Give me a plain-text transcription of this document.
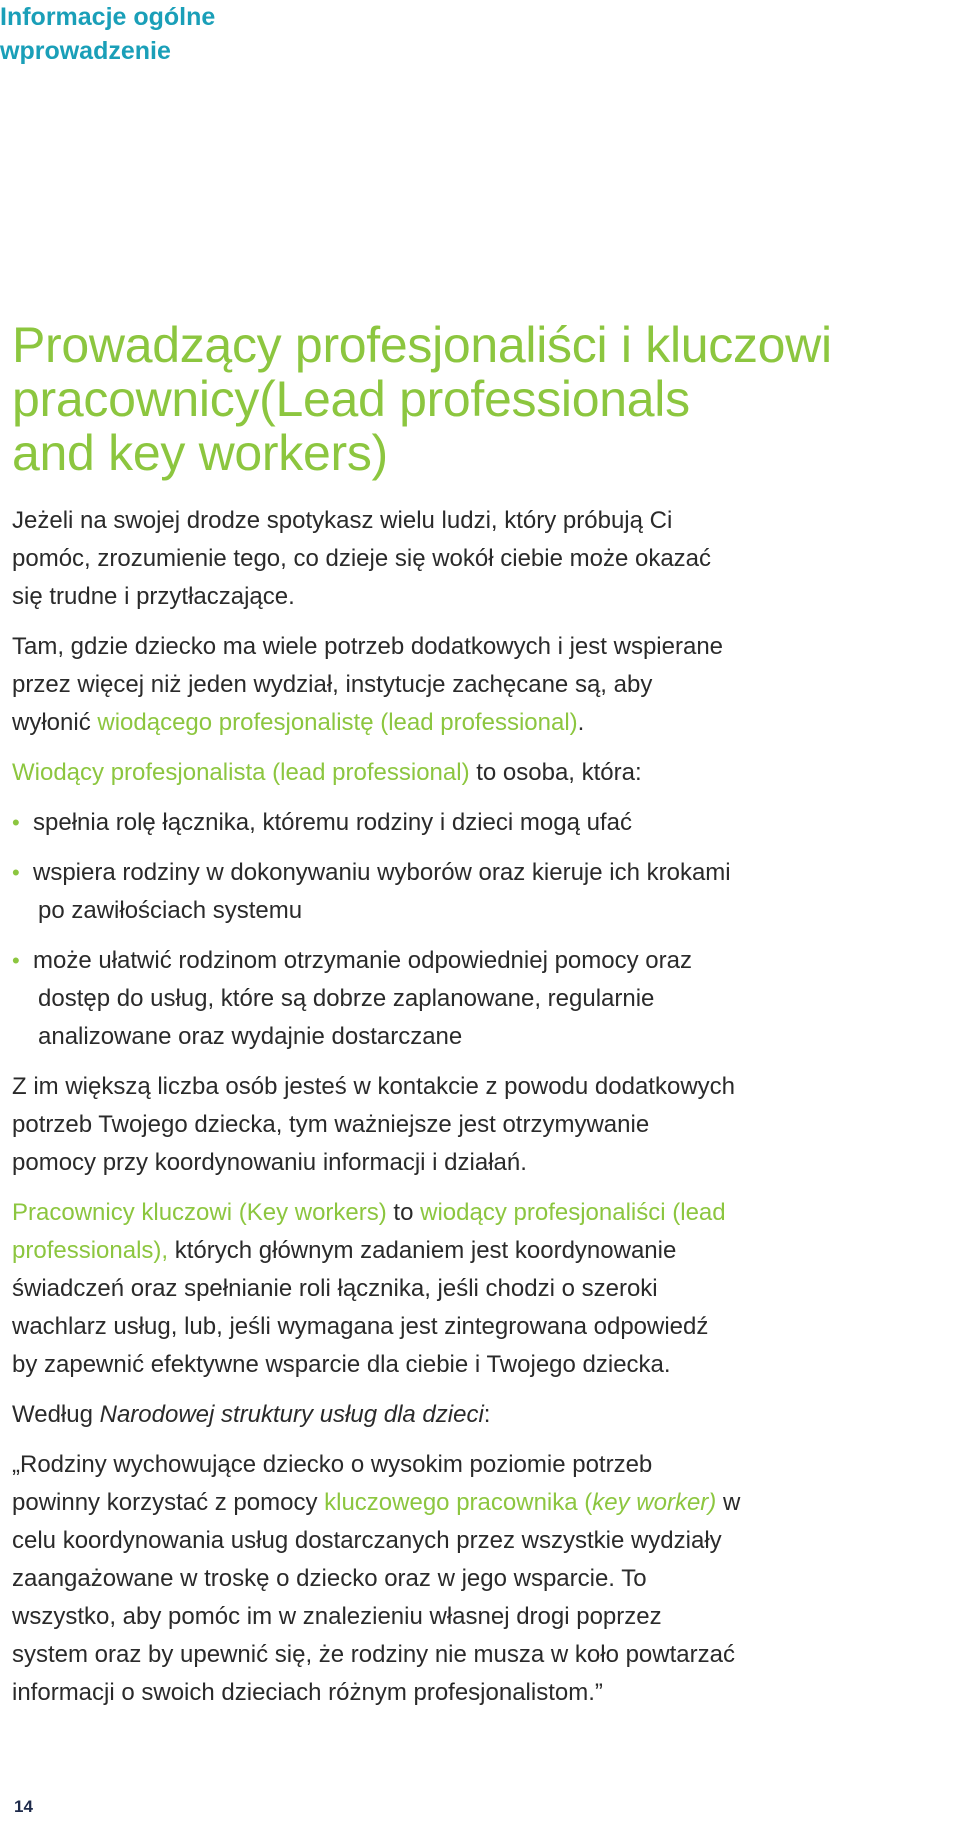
Informacje ogólne
wprowadzenie
Prowadzący profesjonaliści i kluczowi
pracownicy(Lead professionals
and key workers)

Jeżeli na swojej drodze spotykasz wielu ludzi, który próbują Ci
pomóc, zrozumienie tego, co dzieje się wokół ciebie może okazać
się trudne i przytłaczające.

Tam, gdzie dziecko ma wiele potrzeb dodatkowych i jest wspierane
przez więcej niż jeden wydział, instytucje zachęcane są, aby
wyłonić wiodącego profesjonalistę (lead professional).

Wiodący profesjonalista (lead professional) to osoba, która:

• spełnia rolę łącznika, któremu rodziny i dzieci mogą ufać
• wspiera rodziny w dokonywaniu wyborów oraz kieruje ich krokami
po zawiłościach systemu
• może ułatwić rodzinom otrzymanie odpowiedniej pomocy oraz
dostęp do usług, które są dobrze zaplanowane, regularnie
analizowane oraz wydajnie dostarczane

Z im większą liczba osób jesteś w kontakcie z powodu dodatkowych
potrzeb Twojego dziecka, tym ważniejsze jest otrzymywanie
pomocy przy koordynowaniu informacji i działań.

Pracownicy kluczowi (Key workers) to wiodący profesjonaliści (lead
professionals), których głównym zadaniem jest koordynowanie
świadczeń oraz spełnianie roli łącznika, jeśli chodzi o szeroki
wachlarz usług, lub, jeśli wymagana jest zintegrowana odpowiedź
by zapewnić efektywne wsparcie dla ciebie i Twojego dziecka.

Według Narodowej struktury usług dla dzieci:

„Rodziny wychowujące dziecko o wysokim poziomie potrzeb
powinny korzystać z pomocy kluczowego pracownika (key worker) w
celu koordynowania usług dostarczanych przez wszystkie wydziały
zaangażowane w troskę o dziecko oraz w jego wsparcie. To
wszystko, aby pomóc im w znalezieniu własnej drogi poprzez
system oraz by upewnić się, że rodziny nie musza w koło powtarzać
informacji o swoich dzieciach różnym profesjonalistom.”

14
